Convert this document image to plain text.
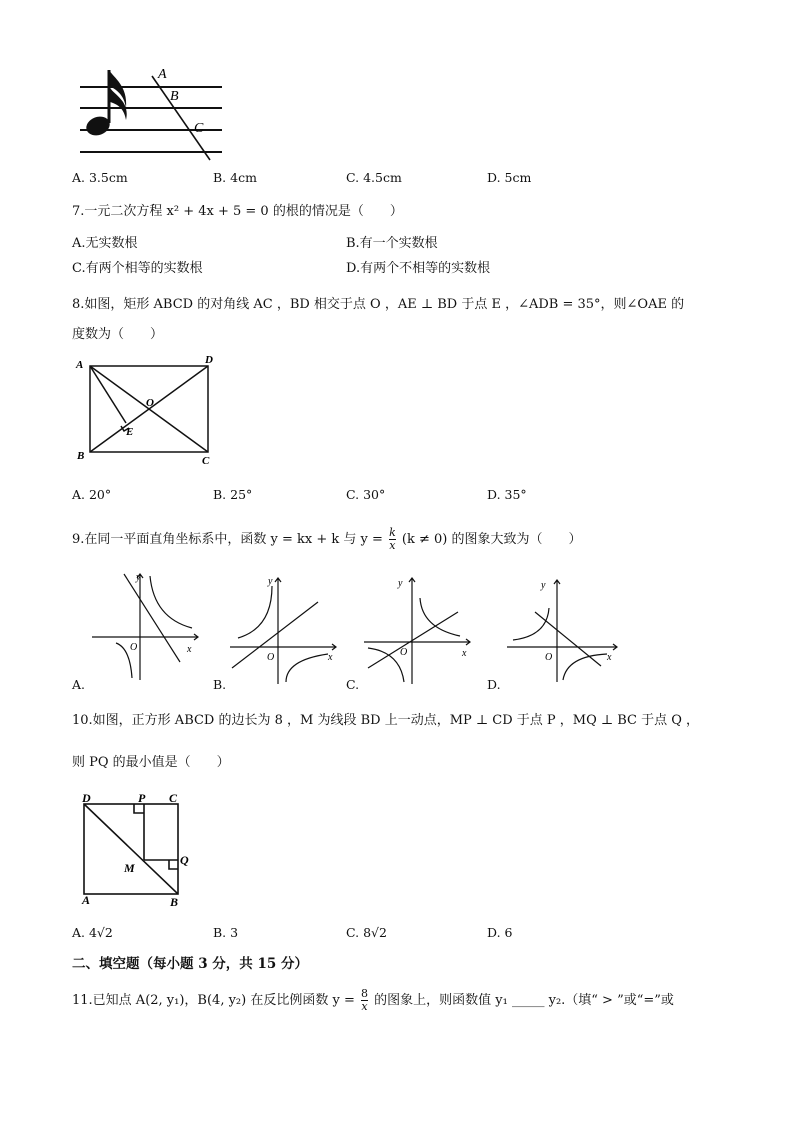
A
B
C
A. 3.5cm	B. 4cm	C. 4.5cm	D. 5cm
7.一元二次方程 x² + 4x + 5 = 0 的根的情况是（　　）
A.无实数根	B.有一个实数根
C.有两个相等的实数根	D.有两个不相等的实数根
8.如图，矩形 ABCD 的对角线 AC ，BD 相交于点 O ，AE ⊥ BD 于点 E ，∠ADB = 35°，则∠OAE 的
度数为（　　）
A	D
O
E
B	C
A. 20°	B. 25°	C. 30°	D. 35°
9.在同一平面直角坐标系中，函数 y = kx + k 与 $y = \frac{k}{x} (k \ne 0)$ 的图象大致为（　　）
y
x
O
y
x
O
y
x
O
y
x
O
A.	B.	C.	D.
10.如图，正方形 ABCD 的边长为 8 ，M 为线段 BD 上一动点，MP ⊥ CD 于点 P ，MQ ⊥ BC 于点 Q ，
则 PQ 的最小值是（　　）
D	P C
Q
M
A	B
A. 4√2	B. 3	C. 8√2	D. 6
二、填空题（每小题 3 分，共 15 分）
11.已知点 A(2, y₁)，B(4, y₂) 在反比例函数 $y = \frac{8}{x}$ 的图象上，则函数值 y₁ _____ y₂.（填“ > ”或“=”或
